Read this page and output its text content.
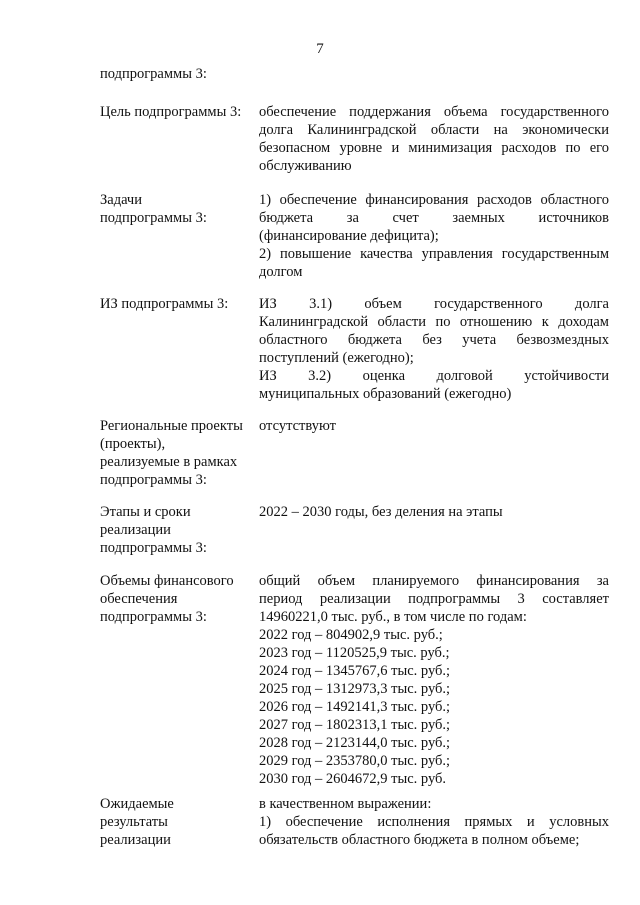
7
подпрограммы 3:
Цель подпрограммы 3:	обеспечение поддержания объема государственного
долга Калининградской области на экономически
безопасном уровне и минимизация расходов по его
обслуживанию
Задачи
подпрограммы 3:
1) обеспечение финансирования расходов областного
бюджета за счет заемных источников
(финансирование дефицита);
2) повышение качества управления государственным
долгом
ИЗ подпрограммы 3:	ИЗ 3.1) объем государственного долга
Калининградской области по отношению к доходам
областного бюджета без учета безвозмездных
поступлений (ежегодно);
ИЗ 3.2) оценка долговой устойчивости
муниципальных образований (ежегодно)
Региональные проекты
(проекты),
реализуемые в рамках
подпрограммы 3:
отсутствуют
Этапы и сроки
реализации
подпрограммы 3:
2022 – 2030 годы, без деления на этапы
Объемы финансового
обеспечения
подпрограммы 3:
общий объем планируемого финансирования за
период реализации подпрограммы 3 составляет
14960221,0 тыс. руб., в том числе по годам:
2022 год – 804902,9 тыс. руб.;
2023 год – 1120525,9 тыс. руб.;
2024 год – 1345767,6 тыс. руб.;
2025 год – 1312973,3 тыс. руб.;
2026 год – 1492141,3 тыс. руб.;
2027 год – 1802313,1 тыс. руб.;
2028 год – 2123144,0 тыс. руб.;
2029 год – 2353780,0 тыс. руб.;
2030 год – 2604672,9 тыс. руб.
Ожидаемые
результаты
реализации
в качественном выражении:
1) обеспечение исполнения прямых и условных
обязательств областного бюджета в полном объеме;
